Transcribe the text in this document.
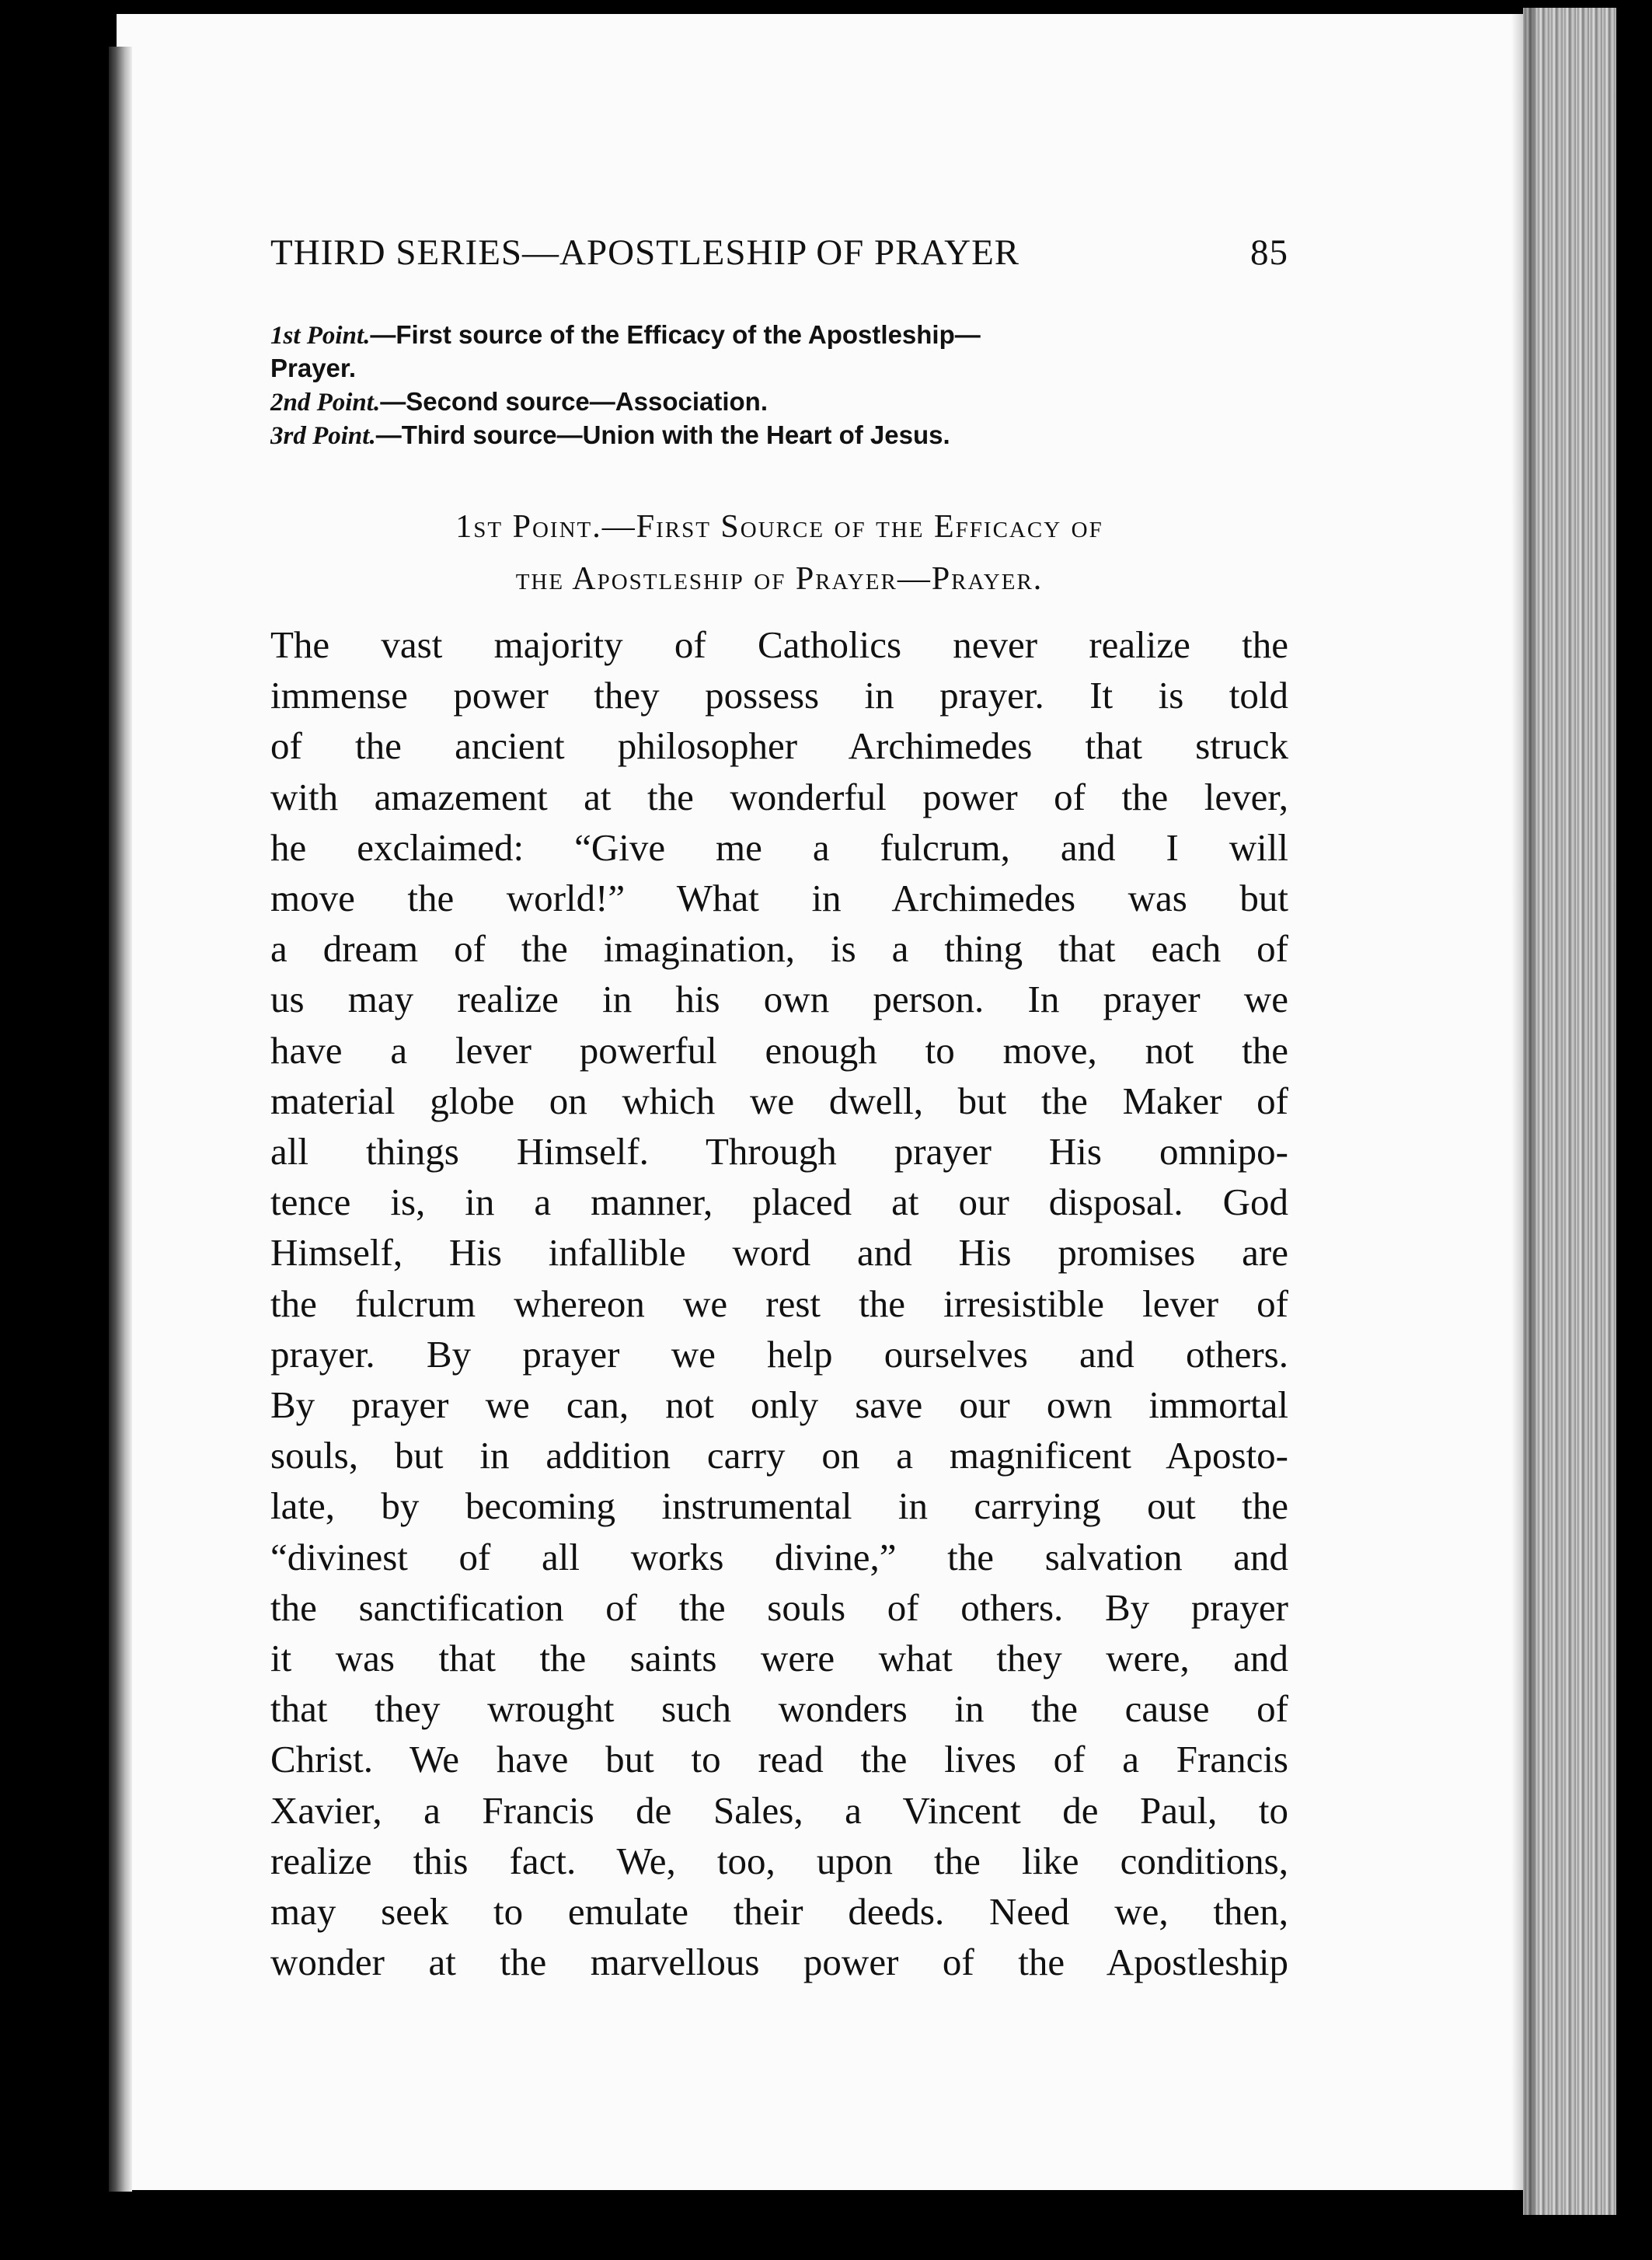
THIRD SERIES—APOSTLESHIP OF PRAYER	85
1st Point.—First source of the Efficacy of the Apostleship—
Prayer.
2nd Point.—Second source—Association.
3rd Point.—Third source—Union with the Heart of Jesus.
1st Point.—First Source of the Efficacy of
the Apostleship of Prayer—Prayer.
The vast majority of Catholics never realize the
immense power they possess in prayer. It is told
of the ancient philosopher Archimedes that struck
with amazement at the wonderful power of the lever,
he exclaimed: “Give me a fulcrum, and I will
move the world!” What in Archimedes was but
a dream of the imagination, is a thing that each of
us may realize in his own person. In prayer we
have a lever powerful enough to move, not the
material globe on which we dwell, but the Maker of
all things Himself. Through prayer His omnipo-
tence is, in a manner, placed at our disposal. God
Himself, His infallible word and His promises are
the fulcrum whereon we rest the irresistible lever of
prayer. By prayer we help ourselves and others.
By prayer we can, not only save our own immortal
souls, but in addition carry on a magnificent Aposto-
late, by becoming instrumental in carrying out the
“divinest of all works divine,” the salvation and
the sanctification of the souls of others. By prayer
it was that the saints were what they were, and
that they wrought such wonders in the cause of
Christ. We have but to read the lives of a Francis
Xavier, a Francis de Sales, a Vincent de Paul, to
realize this fact. We, too, upon the like conditions,
may seek to emulate their deeds. Need we, then,
wonder at the marvellous power of the Apostleship
